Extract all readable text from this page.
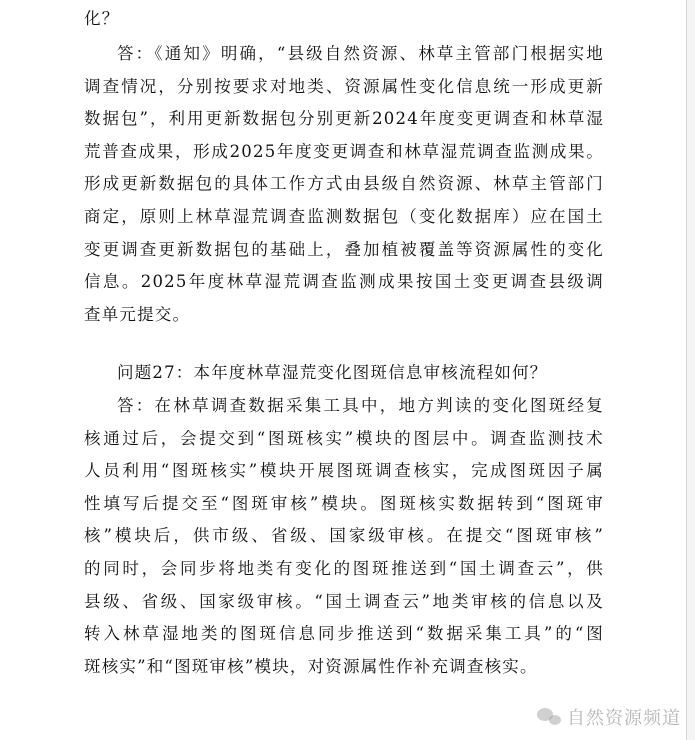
化？
答：《通知》明确，“县级自然资源、林草主管部门根据实地
调查情况，分别按要求对地类、资源属性变化信息统一形成更新
数据包”，利用更新数据包分别更新2024年度变更调查和林草湿
荒普查成果，形成2025年度变更调查和林草湿荒调查监测成果。
形成更新数据包的具体工作方式由县级自然资源、林草主管部门
商定，原则上林草湿荒调查监测数据包（变化数据库）应在国土
变更调查更新数据包的基础上，叠加植被覆盖等资源属性的变化
信息。2025年度林草湿荒调查监测成果按国土变更调查县级调
查单元提交。
问题27：本年度林草湿荒变化图斑信息审核流程如何？
答：在林草调查数据采集工具中，地方判读的变化图斑经复
核通过后，会提交到“图斑核实”模块的图层中。调查监测技术
人员利用“图斑核实”模块开展图斑调查核实，完成图斑因子属
性填写后提交至“图斑审核”模块。图斑核实数据转到“图斑审
核”模块后，供市级、省级、国家级审核。在提交“图斑审核”
的同时，会同步将地类有变化的图斑推送到“国土调查云”，供
县级、省级、国家级审核。“国土调查云”地类审核的信息以及
转入林草湿地类的图斑信息同步推送到“数据采集工具”的“图
斑核实”和“图斑审核”模块，对资源属性作补充调查核实。
自然资源频道
